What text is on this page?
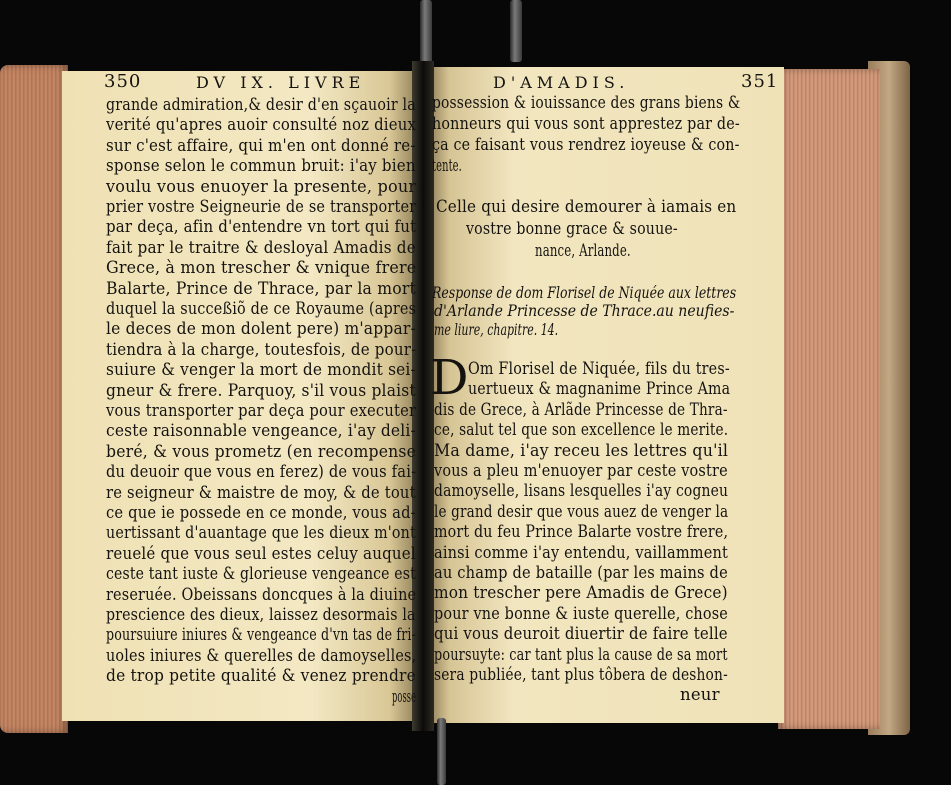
350	DV IX. LIVRE
grande admiration,& desir d'en sçauoir la
verité qu'apres auoir consulté noz dieux
sur c'est affaire, qui m'en ont donné re-
sponse selon le commun bruit: i'ay bien
voulu vous enuoyer la presente, pour
prier vostre Seigneurie de se transporter
par deça, afin d'entendre vn tort qui fut
fait par le traitre & desloyal Amadis de
Grece, à mon trescher & vnique frere
Balarte, Prince de Thrace, par la mort
duquel la succeßiõ de ce Royaume (apres
le deces de mon dolent pere) m'appar-
tiendra à la charge, toutesfois, de pour-
suiure & venger la mort de mondit sei-
gneur & frere. Parquoy, s'il vous plaist
vous transporter par deça pour executer
ceste raisonnable vengeance, i'ay deli-
beré, & vous prometz (en recompense
du deuoir que vous en ferez) de vous fai-
re seigneur & maistre de moy, & de tout
ce que ie possede en ce monde, vous ad-
uertissant d'auantage que les dieux m'ont
reuelé que vous seul estes celuy auquel
ceste tant iuste & glorieuse vengeance est
reseruée. Obeissans doncques à la diuine
prescience des dieux, laissez desormais la
poursuiure iniures & vengeance d'vn tas de fri-
uoles iniures & querelles de damoyselles,
de trop petite qualité & venez prendre
posse
D'AMADIS.	351
D
possession & iouissance des grans biens &
honneurs qui vous sont apprestez par de-
ça ce faisant vous rendrez ioyeuse & con-
tente.
Celle qui desire demourer à iamais en
vostre bonne grace & souue-
nance, Arlande.
Response de dom Florisel de Niquée aux lettres
d'Arlande Princesse de Thrace.au neufies-
me liure, chapitre. 14.
Om Florisel de Niquée, fils du tres-
uertueux & magnanime Prince Ama
dis de Grece, à Arlãde Princesse de Thra-
ce, salut tel que son excellence le merite.
Ma dame, i'ay receu les lettres qu'il
vous a pleu m'enuoyer par ceste vostre
damoyselle, lisans lesquelles i'ay cogneu
le grand desir que vous auez de venger la
mort du feu Prince Balarte vostre frere,
ainsi comme i'ay entendu, vaillamment
au champ de bataille (par les mains de
mon trescher pere Amadis de Grece)
pour vne bonne & iuste querelle, chose
qui vous deuroit diuertir de faire telle
poursuyte: car tant plus la cause de sa mort
sera publiée, tant plus tôbera de deshon-
neur
